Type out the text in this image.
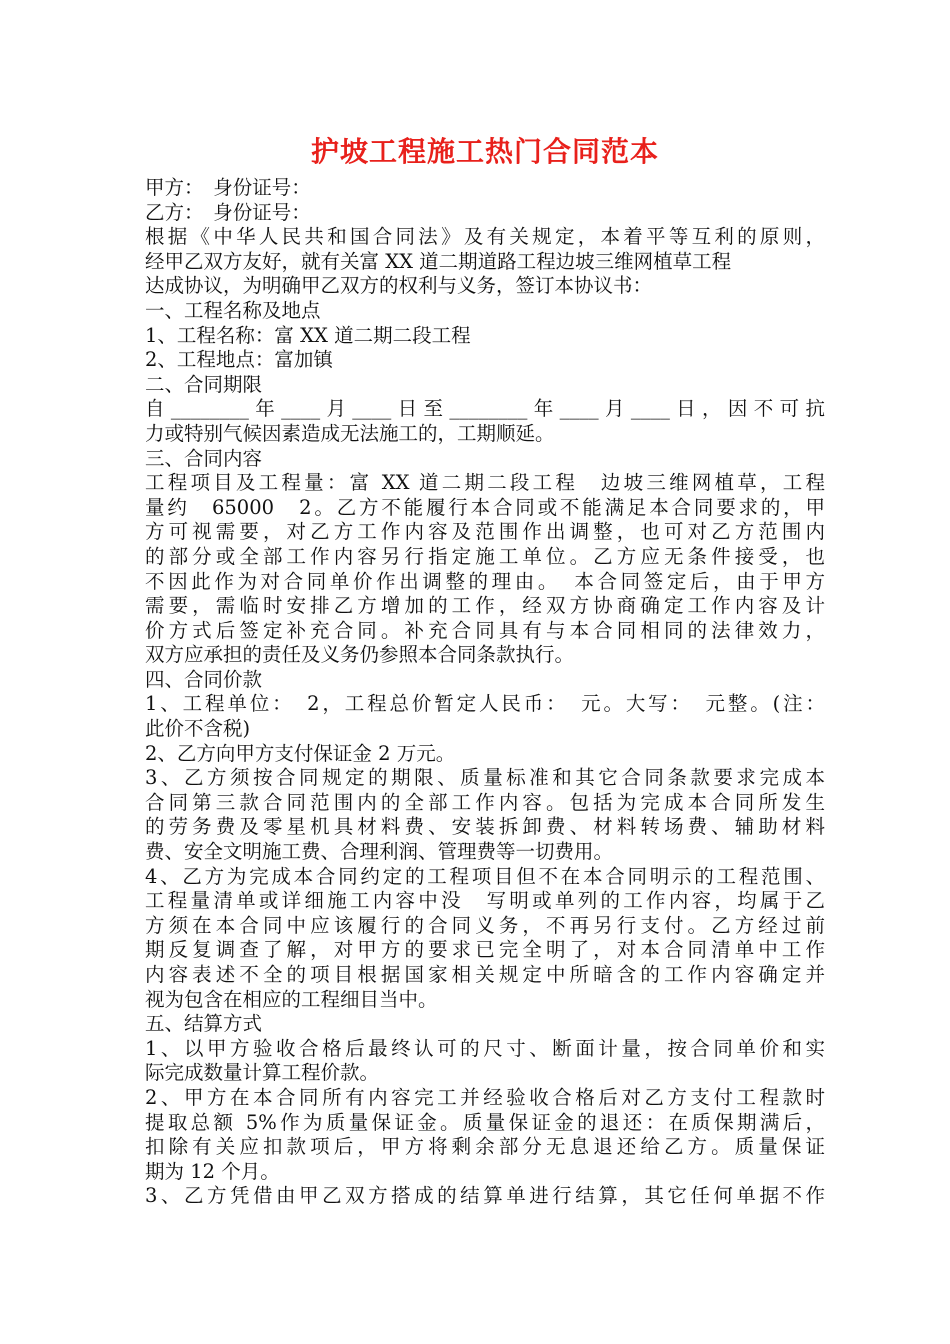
护坡工程施工热门合同范本

甲方：　身份证号：

乙方：　身份证号：

根据《中华人民共和国合同法》及有关规定，本着平等互利的原则，

经甲乙双方友好，就有关富 XX 道二期道路工程边坡三维网植草工程

达成协议，为明确甲乙双方的权利与义务，签订本协议书：

一、工程名称及地点

1、工程名称：富 XX 道二期二段工程

2、工程地点：富加镇

二、合同期限

自________年____月____日至________年____月____日，因不可抗

力或特别气候因素造成无法施工的，工期顺延。

三、合同内容

工程项目及工程量：富 XX 道二期二段工程　边坡三维网植草，工程

量约　65000　2。乙方不能履行本合同或不能满足本合同要求的，甲

方可视需要，对乙方工作内容及范围作出调整，也可对乙方范围内

的部分或全部工作内容另行指定施工单位。乙方应无条件接受，也

不因此作为对合同单价作出调整的理由。　本合同签定后，由于甲方

需要，需临时安排乙方增加的工作，经双方协商确定工作内容及计

价方式后签定补充合同。补充合同具有与本合同相同的法律效力，

双方应承担的责任及义务仍参照本合同条款执行。

四、合同价款

1、工程单位：　2，工程总价暂定人民币：　元。大写：　元整。(注：

此价不含税)

2、乙方向甲方支付保证金 2 万元。

3、乙方须按合同规定的期限、质量标准和其它合同条款要求完成本

合同第三款合同范围内的全部工作内容。包括为完成本合同所发生

的劳务费及零星机具材料费、安装拆卸费、材料转场费、辅助材料

费、安全文明施工费、合理利润、管理费等一切费用。

4、乙方为完成本合同约定的工程项目但不在本合同明示的工程范围、

工程量清单或详细施工内容中没　写明或单列的工作内容，均属于乙

方须在本合同中应该履行的合同义务，不再另行支付。乙方经过前

期反复调查了解，对甲方的要求已完全明了，对本合同清单中工作

内容表述不全的项目根据国家相关规定中所暗含的工作内容确定并

视为包含在相应的工程细目当中。

五、结算方式

1、以甲方验收合格后最终认可的尺寸、断面计量，按合同单价和实

际完成数量计算工程价款。

2、甲方在本合同所有内容完工并经验收合格后对乙方支付工程款时

提取总额 5%作为质量保证金。质量保证金的退还：在质保期满后，

扣除有关应扣款项后，甲方将剩余部分无息退还给乙方。质量保证

期为 12 个月。

3、乙方凭借由甲乙双方搭成的结算单进行结算，其它任何单据不作
